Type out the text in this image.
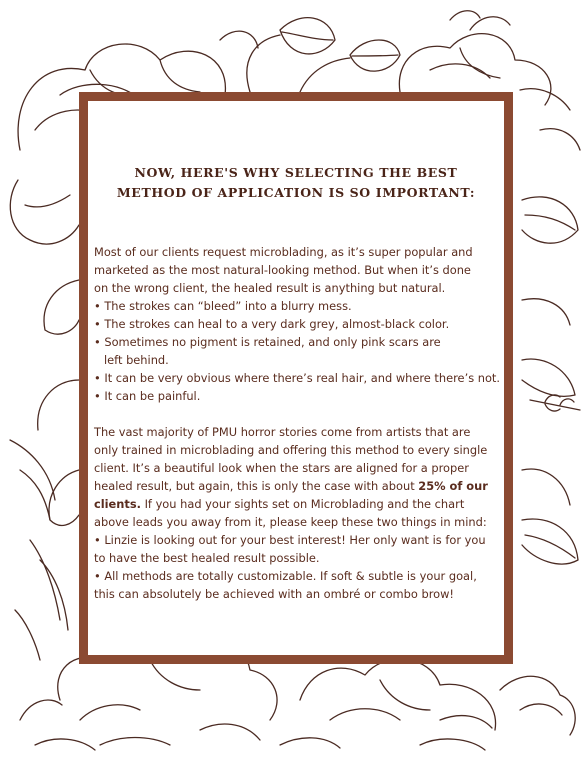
NOW, HERE'S WHY SELECTING THE BEST
METHOD OF APPLICATION IS SO IMPORTANT:
Most of our clients request microblading, as it’s super popular and
marketed as the most natural-looking method. But when it’s done
on the wrong client, the healed result is anything but natural.
• The strokes can “bleed” into a blurry mess.
• The strokes can heal to a very dark grey, almost-black color.
• Sometimes no pigment is retained, and only pink scars are
left behind.
• It can be very obvious where there’s real hair, and where there’s not.
• It can be painful.
The vast majority of PMU horror stories come from artists that are
only trained in microblading and offering this method to every single
client. It’s a beautiful look when the stars are aligned for a proper
healed result, but again, this is only the case with about 25% of our
clients. If you had your sights set on Microblading and the chart
above leads you away from it, please keep these two things in mind:
• Linzie is looking out for your best interest! Her only want is for you
to have the best healed result possible.
• All methods are totally customizable. If soft & subtle is your goal,
this can absolutely be achieved with an ombré or combo brow!
